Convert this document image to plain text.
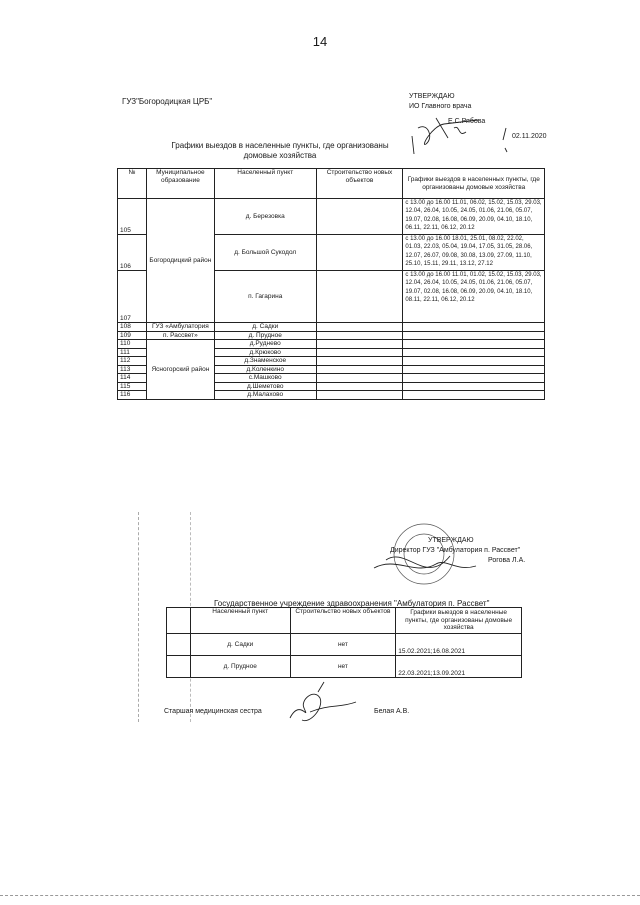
14
ГУЗ"Богородицкая ЦРБ"
УТВЕРЖДАЮ
ИО Главного врача
Е.С.Рябова
02.11.2020
Графики выездов в населенные пункты, где организованы
домовые хозяйства
№	Муниципальное образование	Населенный пункт	Строительство новых объектов	Графики выездов в населенных пункты, где организованы домовые хозяйства
105	Богородицкий район	д. Березовка		с 13.00 до 16.00 11.01, 06.02, 15.02, 15.03, 29.03, 12.04, 26.04, 10.05, 24.05, 01.06, 21.06, 05.07, 19.07, 02.08, 16.08, 06.09, 20.09, 04.10, 18.10, 06.11, 22.11, 06.12, 20.12
106		д. Большой Сукодол		с 13.00 до 16.00 18.01, 25.01, 08.02, 22.02, 01.03, 22.03, 05.04, 19.04, 17.05, 31.05, 28.06, 12.07, 26.07, 09.08, 30.08, 13.09, 27.09, 11.10, 25.10, 15.11, 29.11, 13.12, 27.12
107		п. Гагарина		с 13.00 до 16.00 11.01, 01.02, 15.02, 15.03, 29.03, 12.04, 26.04, 10.05, 24.05, 01.06, 21.06, 05.07, 19.07, 02.08, 16.08, 06.09, 20.09, 04.10, 18.10, 08.11, 22.11, 06.12, 20.12
108	ГУЗ «Амбулатория	д. Садки		
109	п. Рассвет»	д. Прудное		
110	Ясногорский район	д.Руднево		
111		д.Крюково		
112		д.Знаменское		
113		д.Коленкино		
114		с.Машково		
115		д.Шеметово		
116		д.Малахово		
УТВЕРЖДАЮ
Директор ГУЗ "Амбулатория п. Рассвет"
Рогова Л.А.
Государственное учреждение здравоохранения "Амбулатория п. Рассвет"
	Населенный пункт	Строительство новых объектов	Графики выездов в населенные пункты, где организованы домовые хозяйства
	д. Садки	нет	15.02.2021;16.08.2021
	д. Прудное	нет	22.03.2021;13.09.2021
Старшая медицинская сестра	Белая А.В.
